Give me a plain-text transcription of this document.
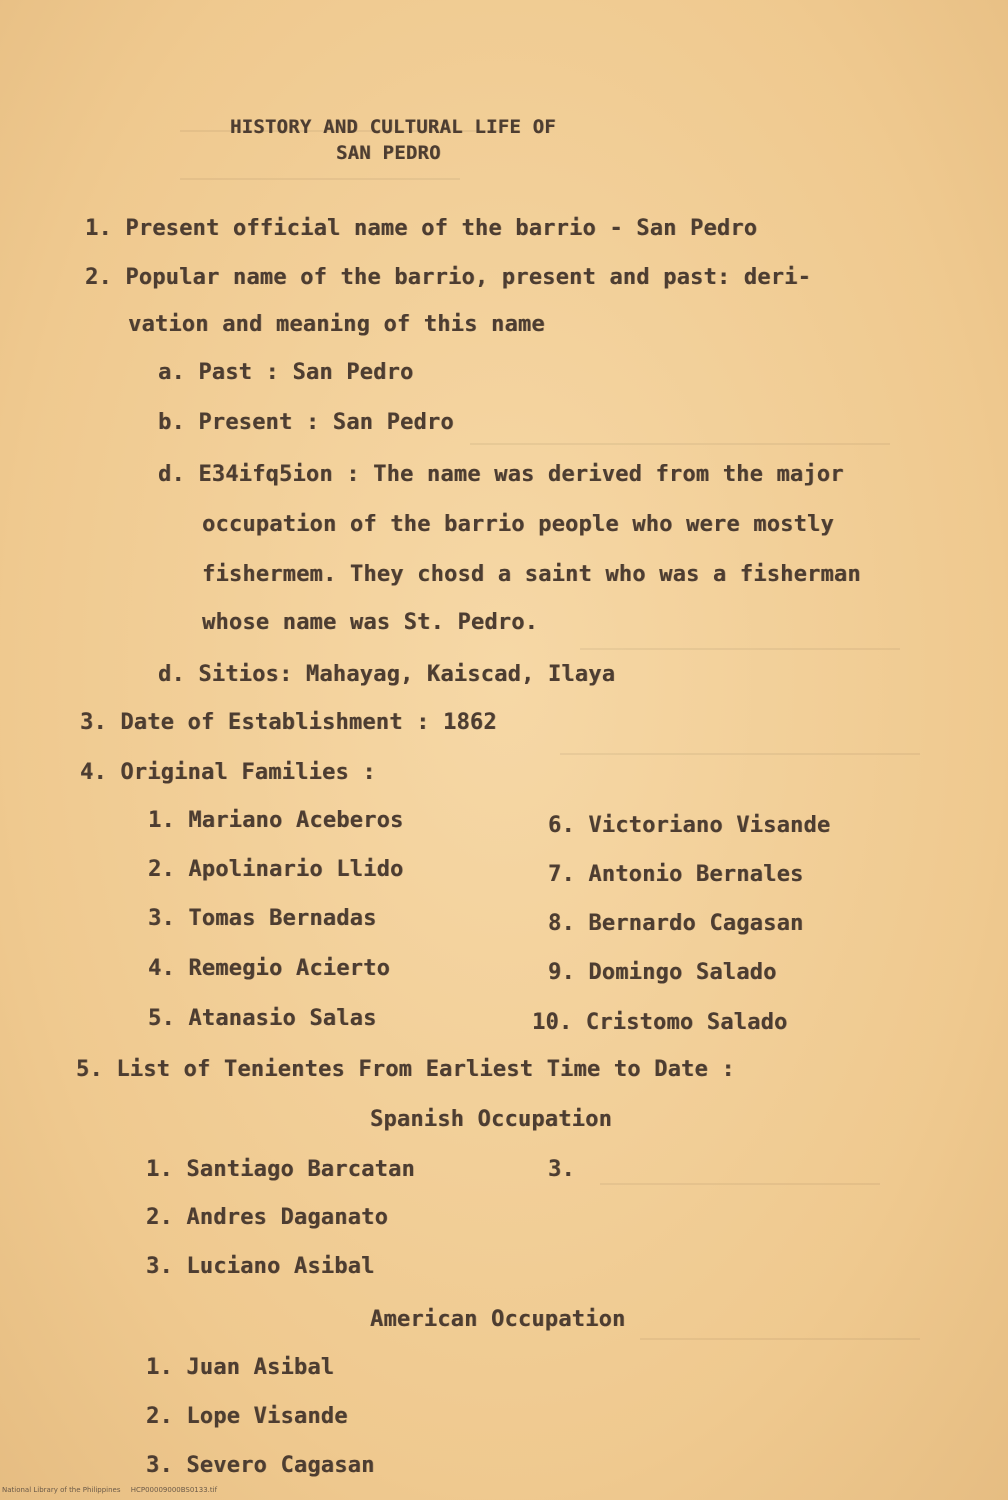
HISTORY AND CULTURAL LIFE OF
SAN PEDRO
1. Present official name of the barrio - San Pedro
2. Popular name of the barrio, present and past: deri-
vation and meaning of this name
a. Past : San Pedro
b. Present : San Pedro
d. E34ifq5ion : The name was derived from the major
occupation of the barrio people who were mostly
fishermem. They chosd a saint who was a fisherman
whose name was St. Pedro.
d. Sitios: Mahayag, Kaiscad, Ilaya
3. Date of Establishment : 1862
4. Original Families :
1. Mariano Aceberos
2. Apolinario Llido
3. Tomas Bernadas
4. Remegio Acierto
5. Atanasio Salas
6. Victoriano Visande
7. Antonio Bernales
8. Bernardo Cagasan
9. Domingo Salado
10. Cristomo Salado
5. List of Tenientes From Earliest Time to Date :
Spanish Occupation
1. Santiago Barcatan	3.
2. Andres Daganato
3. Luciano Asibal
American Occupation
1. Juan Asibal
2. Lope Visande
3. Severo Cagasan
National Library of the Philippines HCP00009000BS0133.tif
